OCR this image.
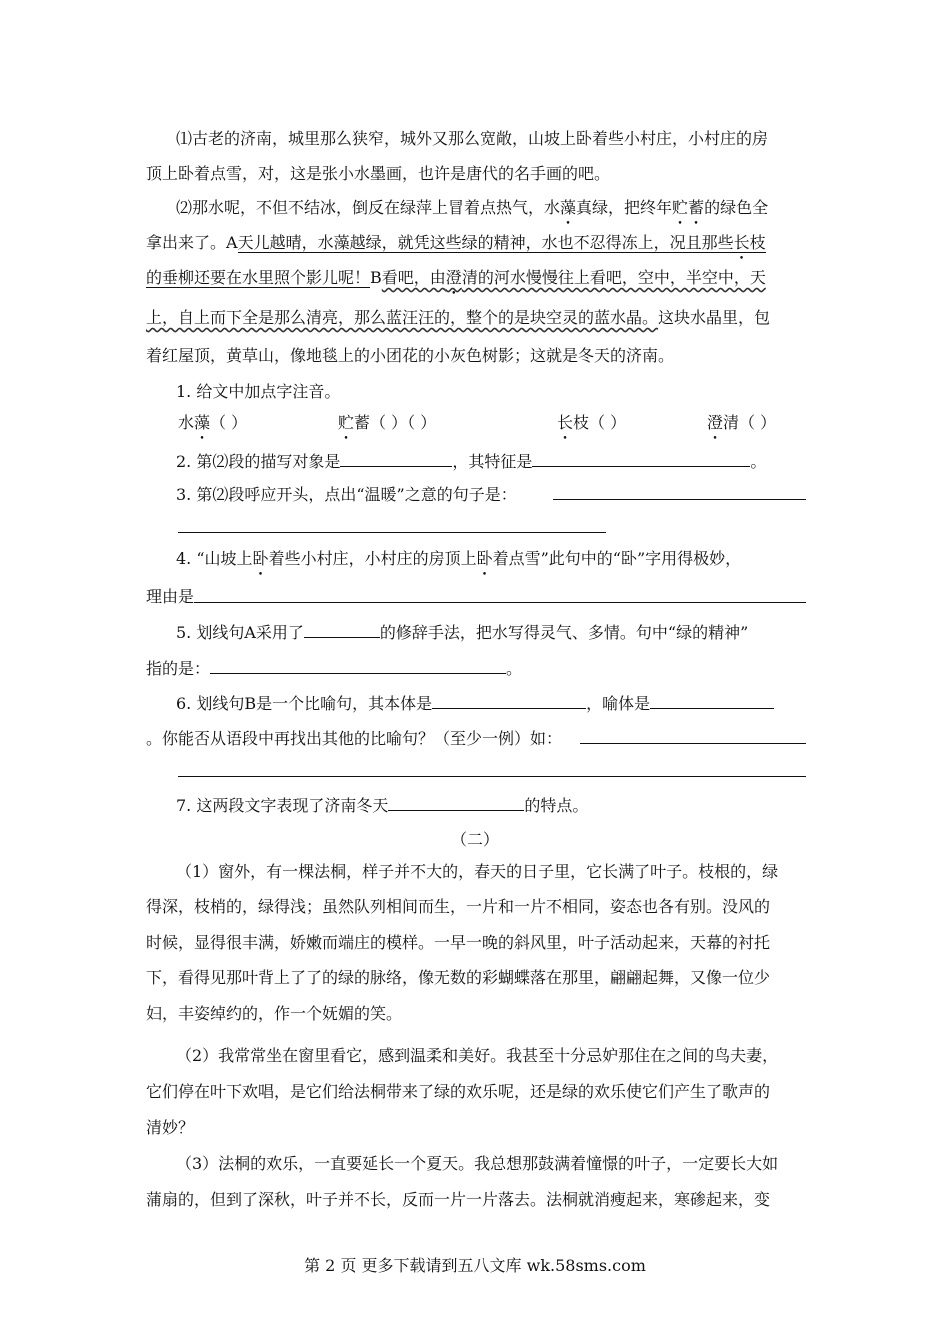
⑴古老的济南，城里那么狭窄，城外又那么宽敞，山坡上卧着些小村庄，小村庄的房
顶上卧着点雪，对，这是张小水墨画，也许是唐代的名手画的吧。
⑵那水呢，不但不结冰，倒反在绿萍上冒着点热气，水藻真绿，把终年贮蓄的绿色全
拿出来了。A天儿越晴，水藻越绿，就凭这些绿的精神，水也不忍得冻上，况且那些长枝
的垂柳还要在水里照个影儿呢！B看吧，由澄清的河水慢慢往上看吧，空中，半空中，天
上，自上而下全是那么清亮，那么蓝汪汪的，整个的是块空灵的蓝水晶。这块水晶里，包
着红屋顶，黄草山，像地毯上的小团花的小灰色树影；这就是冬天的济南。
1. 给文中加点字注音。
水藻（ ）	贮蓄（ ）（ ）	长枝（ ）	澄清（ ）
2. 第⑵段的描写对象是	，其特征是	。
3. 第⑵段呼应开头，点出“温暖”之意的句子是：
4. “山坡上卧着些小村庄，小村庄的房顶上卧着点雪”此句中的“卧”字用得极妙，
理由是
5. 划线句A采用了	的修辞手法，把水写得灵气、多情。句中“绿的精神”
指的是：	。
6. 划线句B是一个比喻句，其本体是	，喻体是
。你能否从语段中再找出其他的比喻句？（至少一例）如：
7. 这两段文字表现了济南冬天	的特点。
（二）
（1）窗外，有一棵法桐，样子并不大的，春天的日子里，它长满了叶子。枝根的，绿
得深，枝梢的，绿得浅；虽然队列相间而生，一片和一片不相同，姿态也各有别。没风的
时候，显得很丰满，娇嫩而端庄的模样。一早一晚的斜风里，叶子活动起来，天幕的衬托
下，看得见那叶背上了了的绿的脉络，像无数的彩蝴蝶落在那里，翩翩起舞，又像一位少
妇，丰姿绰约的，作一个妩媚的笑。
（2）我常常坐在窗里看它，感到温柔和美好。我甚至十分忌妒那住在之间的鸟夫妻，
它们停在叶下欢唱，是它们给法桐带来了绿的欢乐呢，还是绿的欢乐使它们产生了歌声的
清妙？
（3）法桐的欢乐，一直要延长一个夏天。我总想那鼓满着憧憬的叶子，一定要长大如
蒲扇的，但到了深秋，叶子并不长，反而一片一片落去。法桐就消瘦起来，寒碜起来，变
第 2 页 更多下载请到五八文库 wk.58sms.com
